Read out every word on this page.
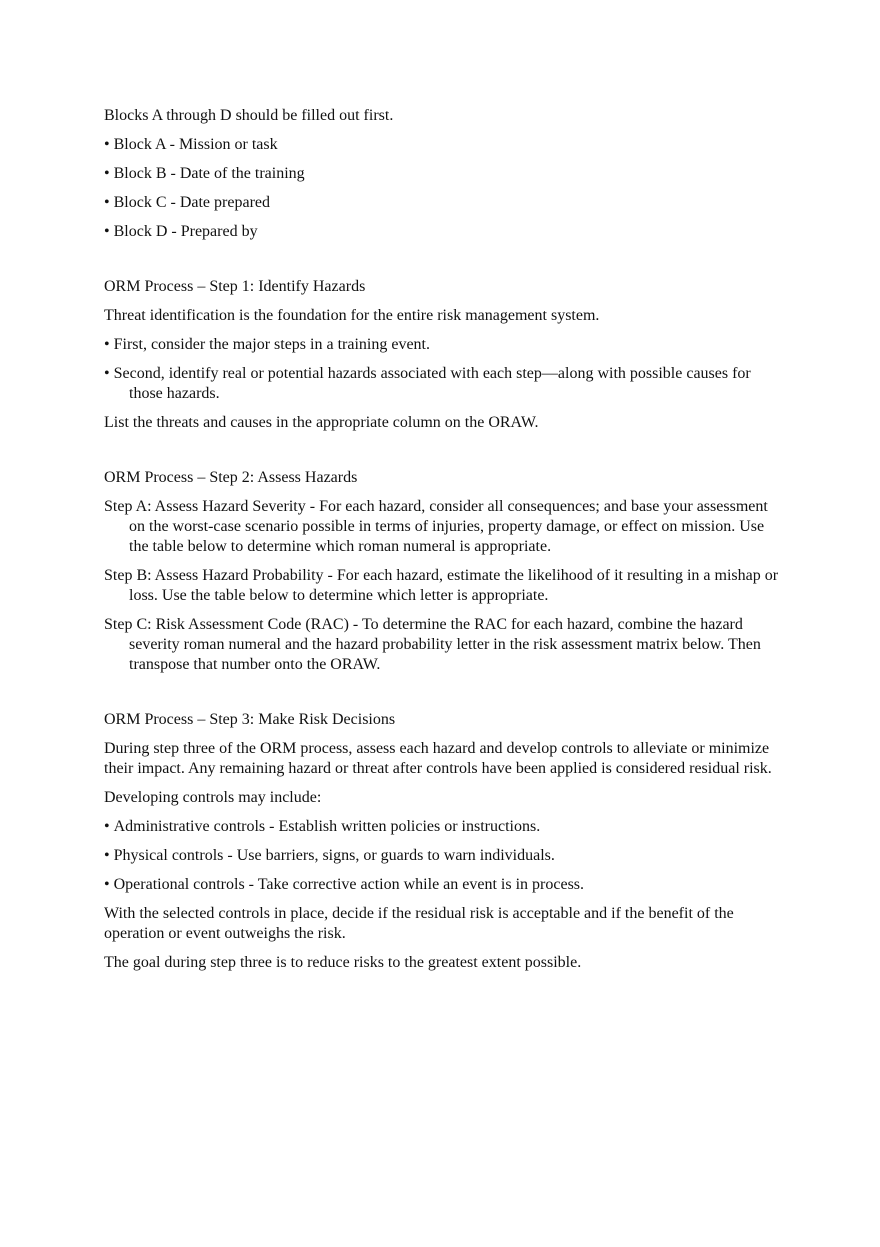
Blocks A through D should be filled out first.

• Block A - Mission or task

• Block B - Date of the training

• Block C - Date prepared

• Block D - Prepared by

ORM Process – Step 1: Identify Hazards

Threat identification is the foundation for the entire risk management system.

• First, consider the major steps in a training event.

• Second, identify real or potential hazards associated with each step—along with possible causes for those hazards.

List the threats and causes in the appropriate column on the ORAW.

ORM Process – Step 2: Assess Hazards

Step A: Assess Hazard Severity - For each hazard, consider all consequences; and base your assessment on the worst-case scenario possible in terms of injuries, property damage, or effect on mission. Use the table below to determine which roman numeral is appropriate.

Step B: Assess Hazard Probability - For each hazard, estimate the likelihood of it resulting in a mishap or loss. Use the table below to determine which letter is appropriate.

Step C: Risk Assessment Code (RAC) - To determine the RAC for each hazard, combine the hazard severity roman numeral and the hazard probability letter in the risk assessment matrix below. Then transpose that number onto the ORAW.

ORM Process – Step 3: Make Risk Decisions

During step three of the ORM process, assess each hazard and develop controls to alleviate or minimize their impact. Any remaining hazard or threat after controls have been applied is considered residual risk.

Developing controls may include:

• Administrative controls - Establish written policies or instructions.

• Physical controls - Use barriers, signs, or guards to warn individuals.

• Operational controls - Take corrective action while an event is in process.

With the selected controls in place, decide if the residual risk is acceptable and if the benefit of the operation or event outweighs the risk.

The goal during step three is to reduce risks to the greatest extent possible.
